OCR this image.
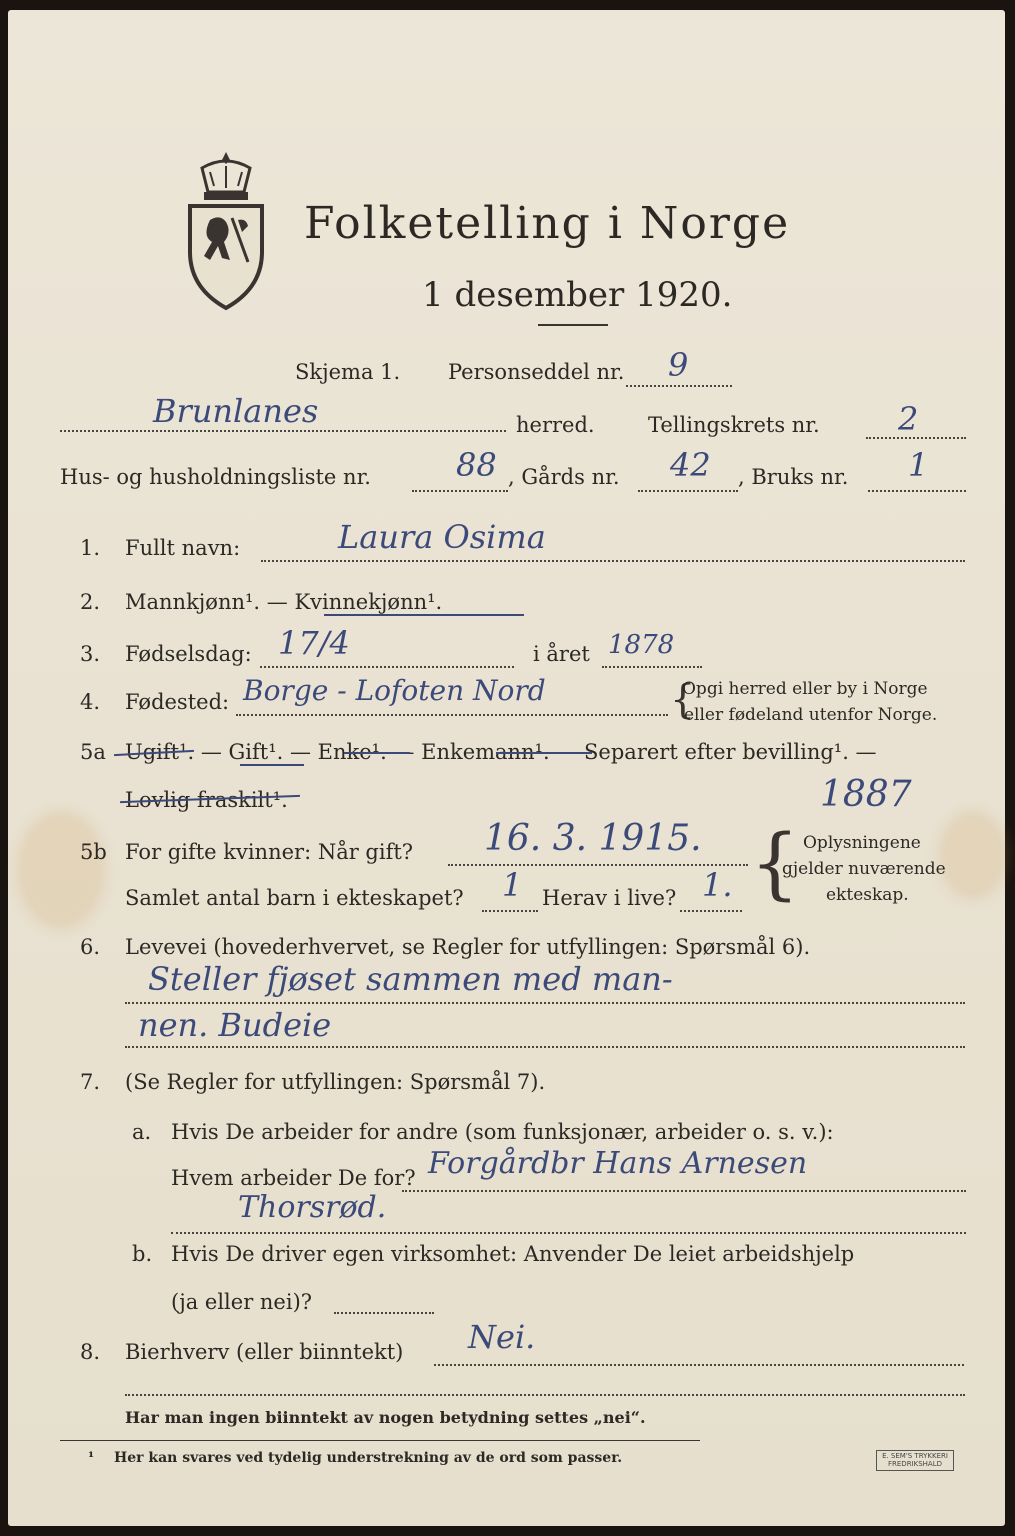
Folketelling i Norge
1 desember 1920.
Skjema 1. Personseddel nr. 9
Brunlanes	herred.	Tellingskrets nr. 2
Hus- og husholdningsliste nr.	88 , Gårds nr. 42 , Bruks nr. 1
1. Fullt navn:	Laura Osima
2. Mannkjønn¹. — Kvinnekjønn¹.
3. Fødselsdag: 17/4	i året 1878
4. Fødested: Borge - Lofoten Nord	{
Opgi herred eller by i Norge
eller fødeland utenfor Norge.
5a Ugift¹. — Gift¹. — Enke¹. — Enkemann¹. — Separert efter bevilling¹. —
Lovlig fraskilt¹.
5b For gifte kvinner: Når gift? 16. 3. 1915.
1887
Samlet antal barn i ekteskapet? 1 Herav i live? 1. { Oplysningene
gjelder nuværende
ekteskap.
6. Levevei (hovederhvervet, se Regler for utfyllingen: Spørsmål 6).
Steller fjøset sammen med man-
nen. Budeie
7. (Se Regler for utfyllingen: Spørsmål 7).
a. Hvis De arbeider for andre (som funksjonær, arbeider o. s. v.):
Hvem arbeider De for? Forgårdbr Hans Arnesen
Thorsrød.
b. Hvis De driver egen virksomhet: Anvender De leiet arbeidshjelp
(ja eller nei)?
8. Bierhverv (eller biinntekt) Nei.
Har man ingen biinntekt av nogen betydning settes „nei“.
¹ Her kan svares ved tydelig understrekning av de ord som passer.	E. SEM'S TRYKKERI FREDRIKSHALD
